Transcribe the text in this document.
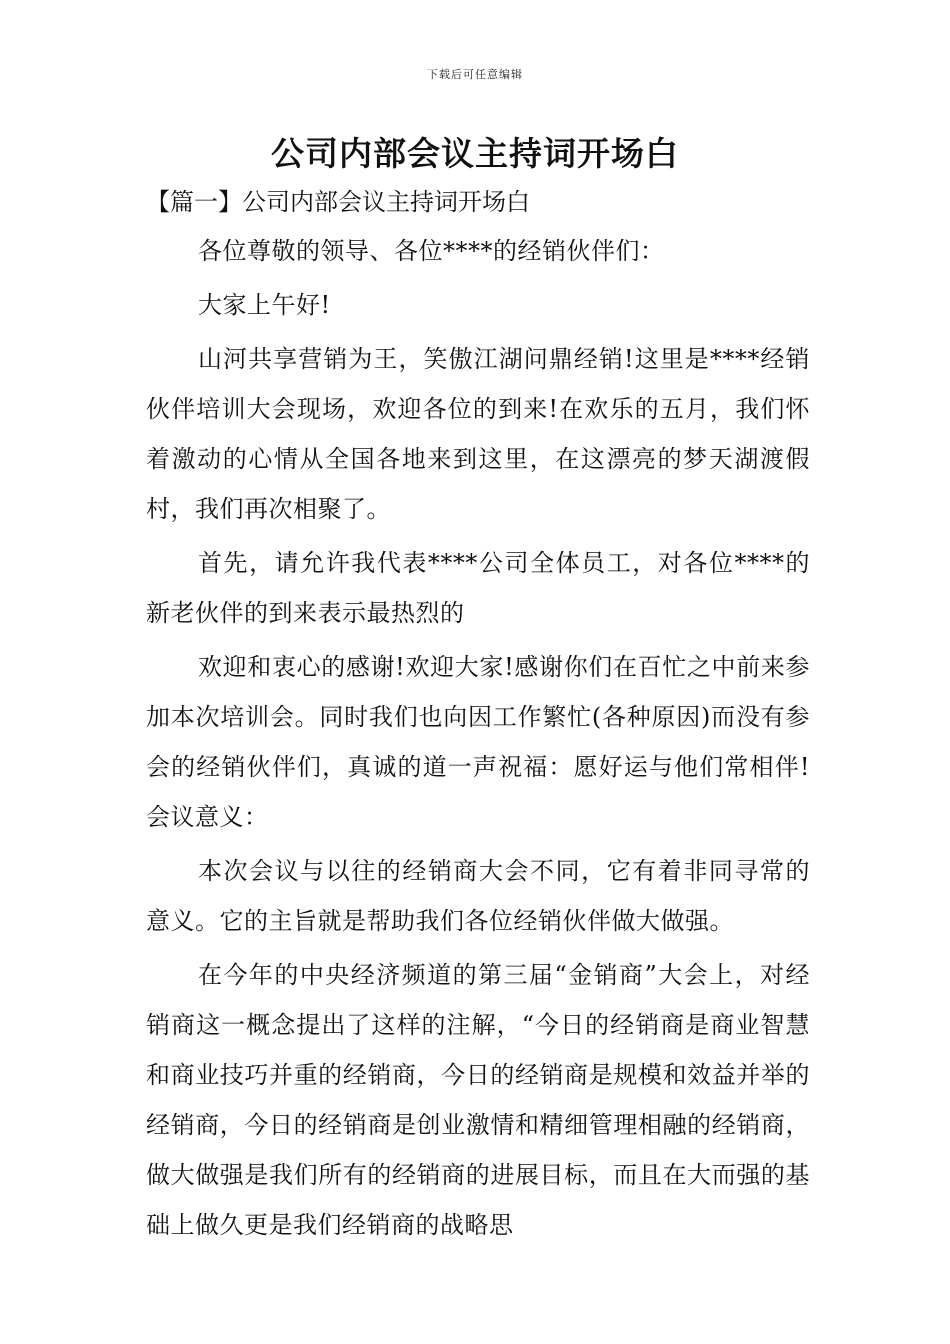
下载后可任意编辑
公司内部会议主持词开场白
【篇一】公司内部会议主持词开场白

各位尊敬的领导、各位****的经销伙伴们：

大家上午好!

山河共享营销为王，笑傲江湖问鼎经销!这里是****经销伙伴培训大会现场，欢迎各位的到来!在欢乐的五月，我们怀着激动的心情从全国各地来到这里，在这漂亮的梦天湖渡假村，我们再次相聚了。

首先，请允许我代表****公司全体员工，对各位****的新老伙伴的到来表示最热烈的

欢迎和衷心的感谢!欢迎大家!感谢你们在百忙之中前来参加本次培训会。同时我们也向因工作繁忙(各种原因)而没有参会的经销伙伴们，真诚的道一声祝福：愿好运与他们常相伴!会议意义：

本次会议与以往的经销商大会不同，它有着非同寻常的意义。它的主旨就是帮助我们各位经销伙伴做大做强。

在今年的中央经济频道的第三届“金销商”大会上，对经销商这一概念提出了这样的注解，“今日的经销商是商业智慧和商业技巧并重的经销商，今日的经销商是规模和效益并举的经销商，今日的经销商是创业激情和精细管理相融的经销商，做大做强是我们所有的经销商的进展目标，而且在大而强的基础上做久更是我们经销商的战略思
